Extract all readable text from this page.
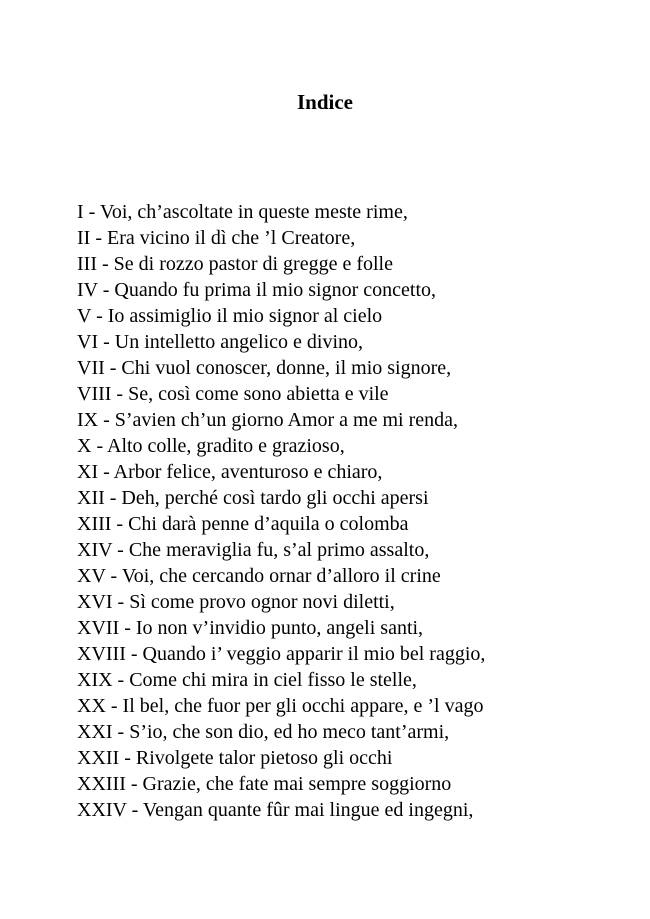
Indice
I - Voi, ch’ascoltate in queste meste rime,
II - Era vicino il dì che ’l Creatore,
III - Se di rozzo pastor di gregge e folle
IV - Quando fu prima il mio signor concetto,
V - Io assimiglio il mio signor al cielo
VI - Un intelletto angelico e divino,
VII - Chi vuol conoscer, donne, il mio signore,
VIII - Se, così come sono abietta e vile
IX - S’avien ch’un giorno Amor a me mi renda,
X - Alto colle, gradito e grazioso,
XI - Arbor felice, aventuroso e chiaro,
XII - Deh, perché così tardo gli occhi apersi
XIII - Chi darà penne d’aquila o colomba
XIV - Che meraviglia fu, s’al primo assalto,
XV - Voi, che cercando ornar d’alloro il crine
XVI - Sì come provo ognor novi diletti,
XVII - Io non v’invidio punto, angeli santi,
XVIII - Quando i’ veggio apparir il mio bel raggio,
XIX - Come chi mira in ciel fisso le stelle,
XX - Il bel, che fuor per gli occhi appare, e ’l vago
XXI - S’io, che son dio, ed ho meco tant’armi,
XXII - Rivolgete talor pietoso gli occhi
XXIII - Grazie, che fate mai sempre soggiorno
XXIV - Vengan quante fûr mai lingue ed ingegni,
